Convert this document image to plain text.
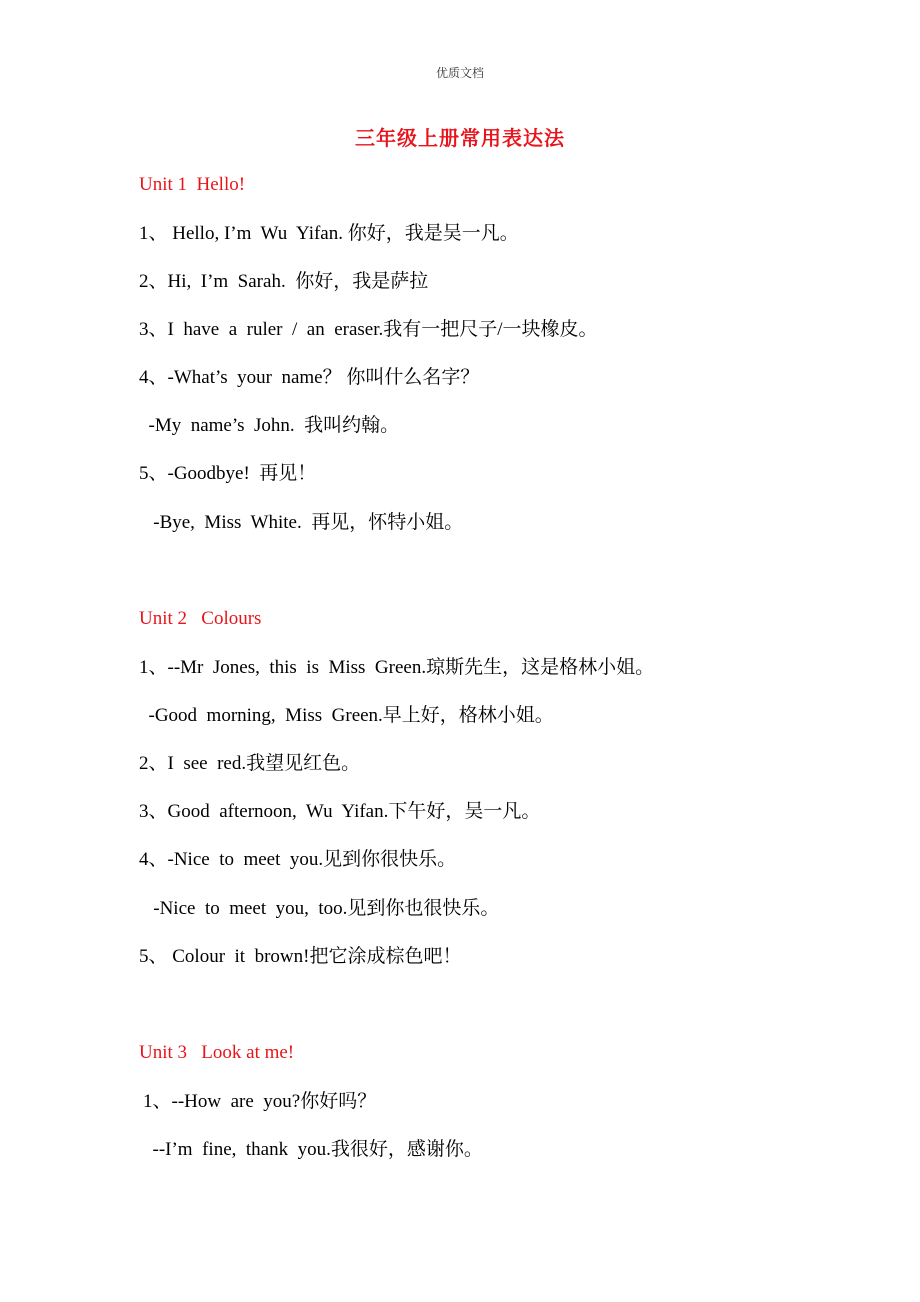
优质文档
三年级上册常用表达法
Unit 1  Hello!
1、 Hello, I’m  Wu  Yifan. 你好，我是吴一凡。
2、Hi,  I’m  Sarah.  你好，我是萨拉
3、I  have  a  ruler  /  an  eraser.我有一把尺子/一块橡皮。
4、-What’s  your  name？ 你叫什么名字？
-My  name’s  John.  我叫约翰。
5、-Goodbye!  再见！
-Bye,  Miss  White.  再见，怀特小姐。
Unit 2   Colours
1、--Mr  Jones,  this  is  Miss  Green.琼斯先生，这是格林小姐。
-Good  morning,  Miss  Green.早上好，格林小姐。
2、I  see  red.我望见红色。
3、Good  afternoon,  Wu  Yifan.下午好，吴一凡。
4、-Nice  to  meet  you.见到你很快乐。
-Nice  to  meet  you,  too.见到你也很快乐。
5、 Colour  it  brown!把它涂成棕色吧！
Unit 3   Look at me!
1、--How  are  you?你好吗？
--I’m  fine,  thank  you.我很好，感谢你。
